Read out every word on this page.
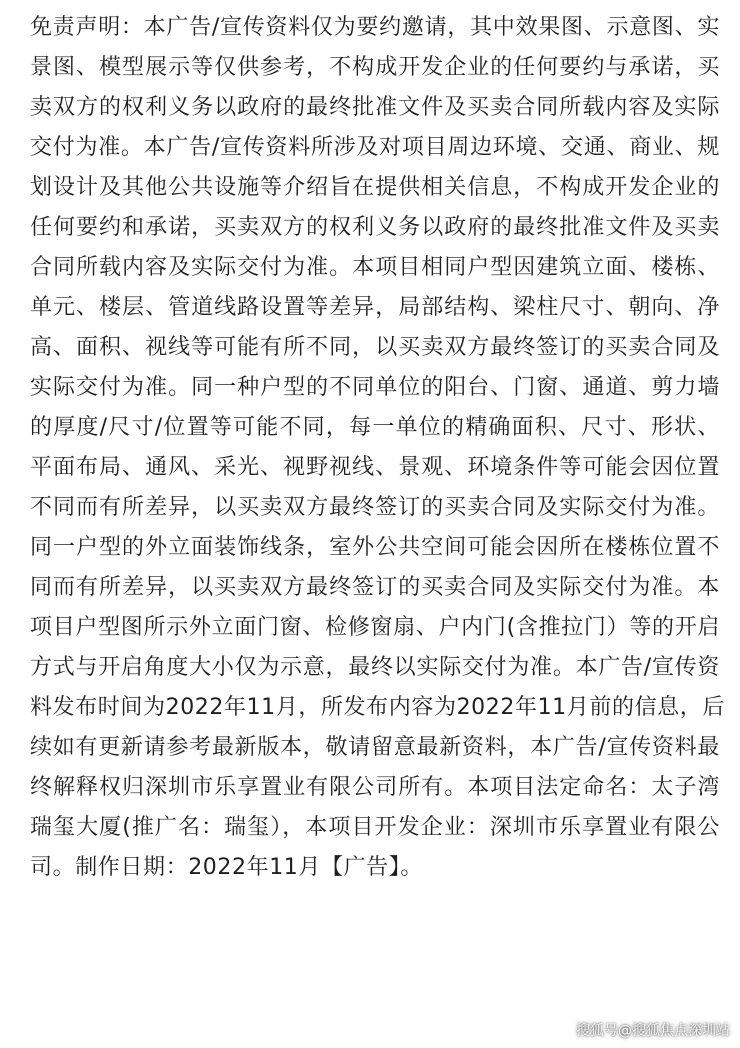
免责声明：本广告/宣传资料仅为要约邀请，其中效果图、示意图、实
景图、模型展示等仅供参考，不构成开发企业的任何要约与承诺，买
卖双方的权利义务以政府的最终批准文件及买卖合同所载内容及实际
交付为准。本广告/宣传资料所涉及对项目周边环境、交通、商业、规
划设计及其他公共设施等介绍旨在提供相关信息，不构成开发企业的
任何要约和承诺，买卖双方的权利义务以政府的最终批准文件及买卖
合同所载内容及实际交付为准。本项目相同户型因建筑立面、楼栋、
单元、楼层、管道线路设置等差异，局部结构、梁柱尺寸、朝向、净
高、面积、视线等可能有所不同，以买卖双方最终签订的买卖合同及
实际交付为准。同一种户型的不同单位的阳台、门窗、通道、剪力墙
的厚度/尺寸/位置等可能不同，每一单位的精确面积、尺寸、形状、
平面布局、通风、采光、视野视线、景观、环境条件等可能会因位置
不同而有所差异，以买卖双方最终签订的买卖合同及实际交付为准。
同一户型的外立面装饰线条，室外公共空间可能会因所在楼栋位置不
同而有所差异，以买卖双方最终签订的买卖合同及实际交付为准。本
项目户型图所示外立面门窗、检修窗扇、户内门(含推拉门）等的开启
方式与开启角度大小仅为示意，最终以实际交付为准。本广告/宣传资
料发布时间为2022年11月，所发布内容为2022年11月前的信息，后
续如有更新请参考最新版本，敬请留意最新资料，本广告/宣传资料最
终解释权归深圳市乐享置业有限公司所有。本项目法定命名：太子湾
瑞玺大厦(推广名：瑞玺），本项目开发企业：深圳市乐享置业有限公
司。制作日期：2022年11月【广告】。
搜狐号@搜狐焦点深圳站
